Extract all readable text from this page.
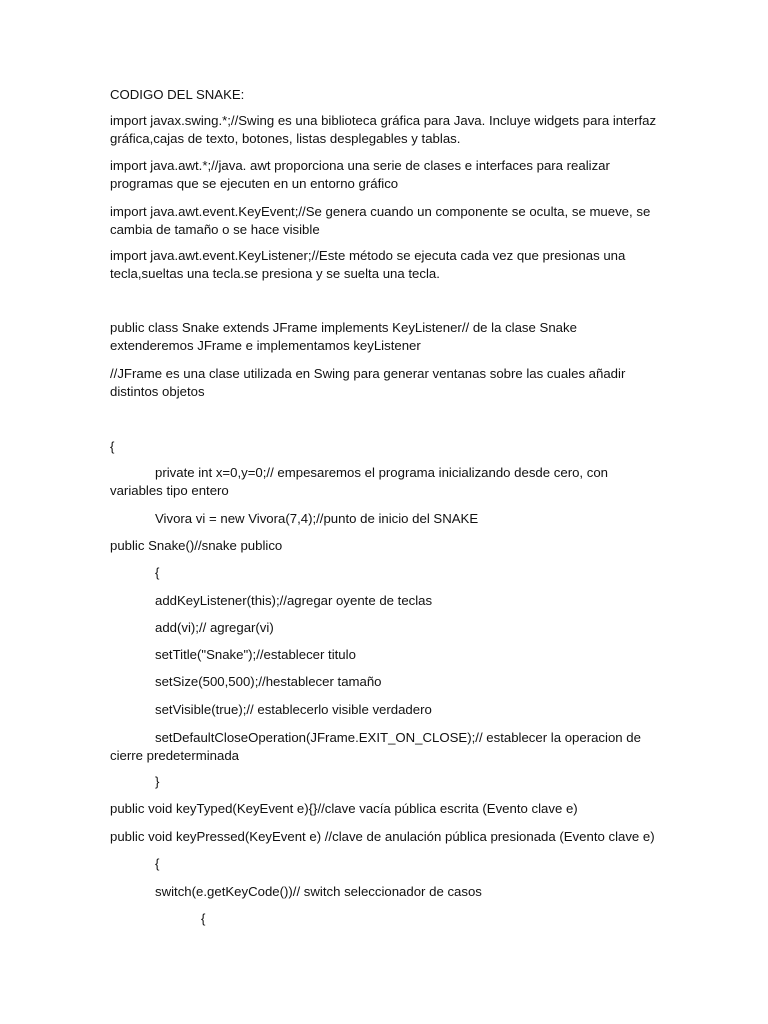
CODIGO DEL SNAKE:

import javax.swing.*;//Swing es una biblioteca gráfica para Java. Incluye widgets para interfaz gráfica,cajas de texto, botones, listas desplegables y tablas.

import java.awt.*;//java. awt proporciona una serie de clases e interfaces para realizar programas que se ejecuten en un entorno gráfico

import java.awt.event.KeyEvent;//Se genera cuando un componente se oculta, se mueve, se cambia de tamaño o se hace visible

import java.awt.event.KeyListener;//Este método se ejecuta cada vez que presionas una tecla,sueltas una tecla.se presiona y se suelta una tecla.

public class Snake extends JFrame implements KeyListener// de la clase Snake extenderemos JFrame e implementamos keyListener

//JFrame es una clase utilizada en Swing para generar ventanas sobre las cuales añadir distintos objetos

{

private int x=0,y=0;// empesaremos el programa inicializando desde cero, con variables tipo entero

Vivora vi = new Vivora(7,4);//punto de inicio del SNAKE

public Snake()//snake publico

{

addKeyListener(this);//agregar oyente de teclas

add(vi);// agregar(vi)

setTitle("Snake");//establecer titulo

setSize(500,500);//hestablecer tamaño

setVisible(true);// establecerlo visible verdadero

setDefaultCloseOperation(JFrame.EXIT_ON_CLOSE);// establecer la operacion de cierre predeterminada

}

public void keyTyped(KeyEvent e){}//clave vacía pública escrita (Evento clave e)

public void keyPressed(KeyEvent e) //clave de anulación pública presionada (Evento clave e)

{

switch(e.getKeyCode())// switch seleccionador de casos

{
